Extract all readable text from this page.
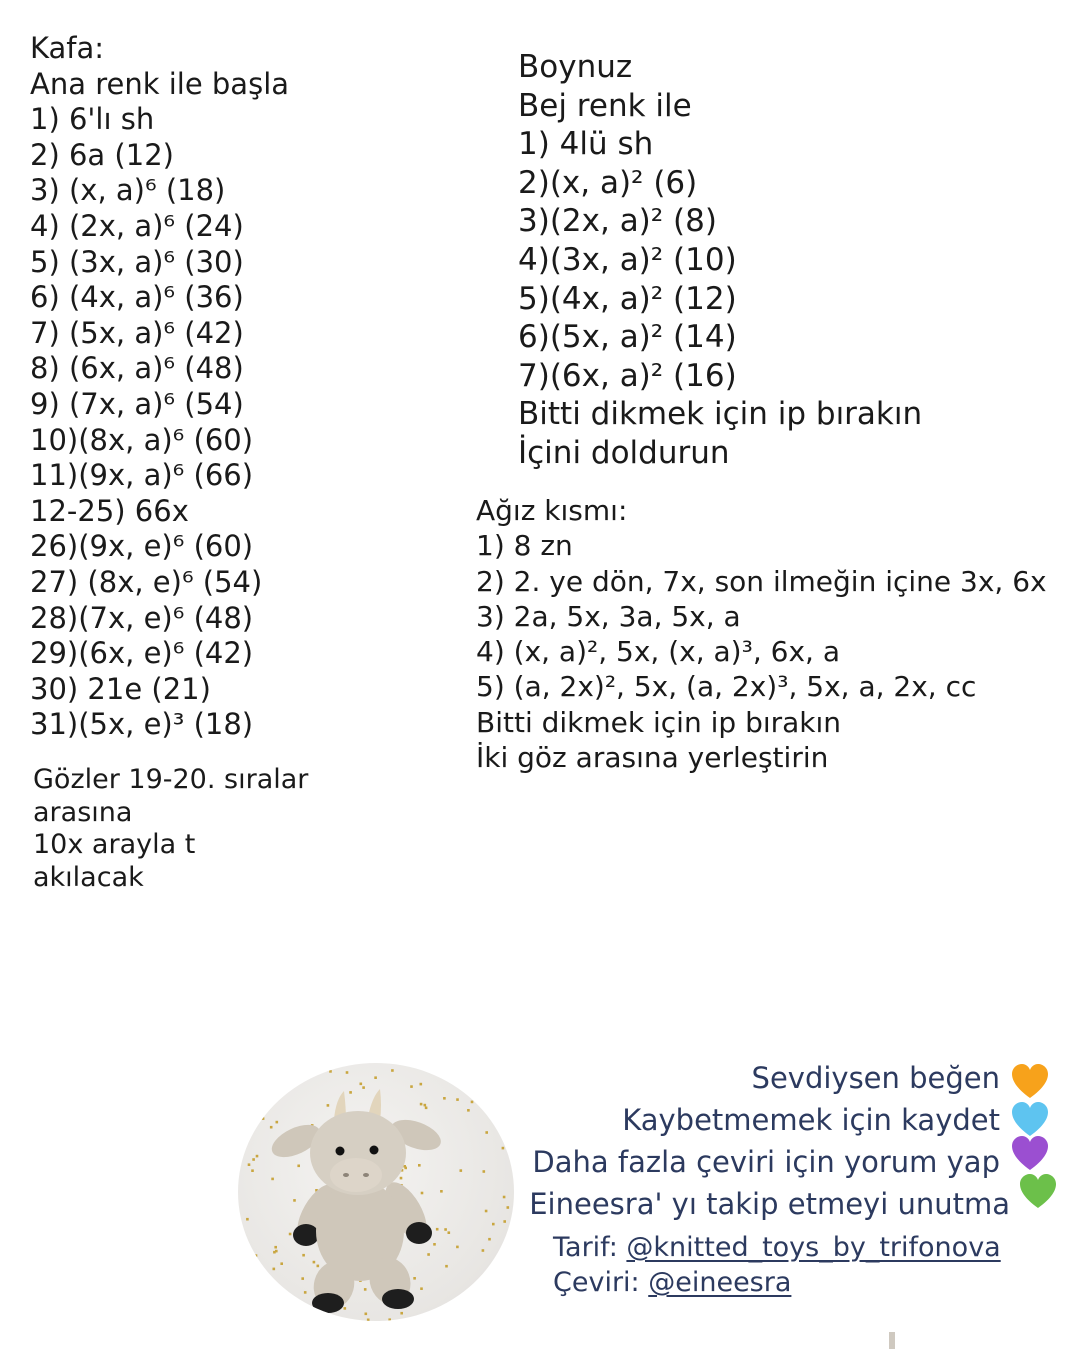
Kafa:
Ana renk ile başla
1) 6'lı sh
2) 6a (12)
3) (x, a)⁶ (18)
4) (2x, a)⁶ (24)
5) (3x, a)⁶ (30)
6) (4x, a)⁶ (36)
7) (5x, a)⁶ (42)
8) (6x, a)⁶ (48)
9) (7x, a)⁶ (54)
10)(8x, a)⁶ (60)
11)(9x, a)⁶ (66)
12-25) 66x
26)(9x, e)⁶ (60)
27) (8x, e)⁶ (54)
28)(7x, e)⁶ (48)
29)(6x, e)⁶ (42)
30) 21e (21)
31)(5x, e)³ (18)
Gözler 19-20. sıralar
arasına
10x arayla t
akılacak
Boynuz
Bej renk ile
1) 4lü sh
2)(x, a)² (6)
3)(2x, a)² (8)
4)(3x, a)² (10)
5)(4x, a)² (12)
6)(5x, a)² (14)
7)(6x, a)² (16)
Bitti dikmek için ip bırakın
İçini doldurun
Ağız kısmı:
1) 8 zn
2) 2. ye dön, 7x, son ilmeğin içine 3x, 6x
3) 2a, 5x, 3a, 5x, a
4) (x, a)², 5x, (x, a)³, 6x, a
5) (a, 2x)², 5x, (a, 2x)³, 5x, a, 2x, cc
Bitti dikmek için ip bırakın
İki göz arasına yerleştirin
Sevdiysen beğen
Kaybetmemek için kaydet
Daha fazla çeviri için yorum yap
Eineesra' yı takip etmeyi unutma
Tarif: @knitted_toys_by_trifonova
Çeviri: @eineesra
